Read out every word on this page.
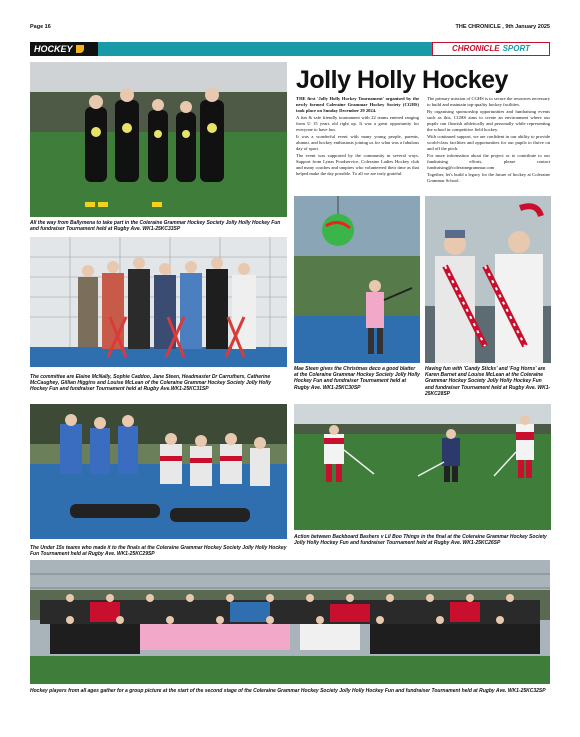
Page 16	THE CHRONICLE , 9th January 2025
HOCKEY	CHRONICLE SPORT
All the way from Ballymena to take part in the Coleraine Grammar Hockey Society Jolly Holly Hockey Fun and fundraiser Tournament held at Rugby Ave. WK1-25KC33SP
Jolly Holly Hockey

THE first 'Jolly Holly Hockey Tournament' organised by the newly formed Coleraine Grammar Hockey Society (CGHS) took place on Sunday December 29 2024.

A fun & safe friendly tournament with 22 teams entered ranging from U 15 years old right up. It was a great opportunity for everyone to have fun.

It was a wonderful event with many young people, parents, alumni, and hockey enthusiasts joining us for what was a fabulous day of sport.

The event was supported by the community in several ways. Support from Lynas Foodservice, Coleraine Ladies Hockey club and many coaches and umpires who volunteered their time as that helped make the day possible. To all we are truly grateful.

The primary mission of CGHS is to secure the resources necessary to build and maintain top-quality hockey facilities.

By organising sponsorship opportunities and fundraising events such as this, CGHS aims to create an environment where our pupils can flourish athletically and personally while representing the school in competitive field hockey.

With continued support, we are confident in our ability to provide world-class facilities and opportunities for our pupils to thrive on and off the pitch.

For more information about the project or to contribute to our fundraising efforts, please contact fundraising@colerainegrammar.com

Together, let's build a legacy for the future of hockey at Coleraine Grammar School.

The committee are Elaine McNally, Sophie Caddoo, Jane Steen, Headmaster Dr Carruthers, Catherine McCaughey, Gillian Higgins and Louise McLean of the Coleraine Grammar Hockey Society Jolly Holly Hockey Fun and fundraiser Tournament held at Rugby Ave.WK1-25KC31SP
Mae Steen gives the Christmas deco a good blatter at the Coleraine Grammar Hockey Society Jolly Holly Hockey Fun and fundraiser Tournament held at Rugby Ave. WK1-25KC30SP
Having fun with 'Candy Sticks' and 'Fog Horns' are Karen Barnet and Louise McLean at the Coleraine Grammar Hockey Society Jolly Holly Hockey Fun and fundraiser Tournament held at Rugby Ave. WK1-25KC28SP
The Under 15s teams who made it to the finals at the Coleraine Grammar Hockey Society Jolly Holly Hockey Fun Tournament held at Rugby Ave. WK1-25KC29SP
Action between Backboard Bashers v Lil Boo Things in the final at the Coleraine Grammar Hockey Society Jolly Holly Hockey Fun and fundraiser Tournament held at Rugby Ave. WK1-25KC26SP
Hockey players from all ages gather for a group picture at the start of the second stage of the Coleraine Grammar Hockey Society Jolly Holly Hockey Fun and fundraiser Tournament held at Rugby Ave. WK1-25KC32SP
